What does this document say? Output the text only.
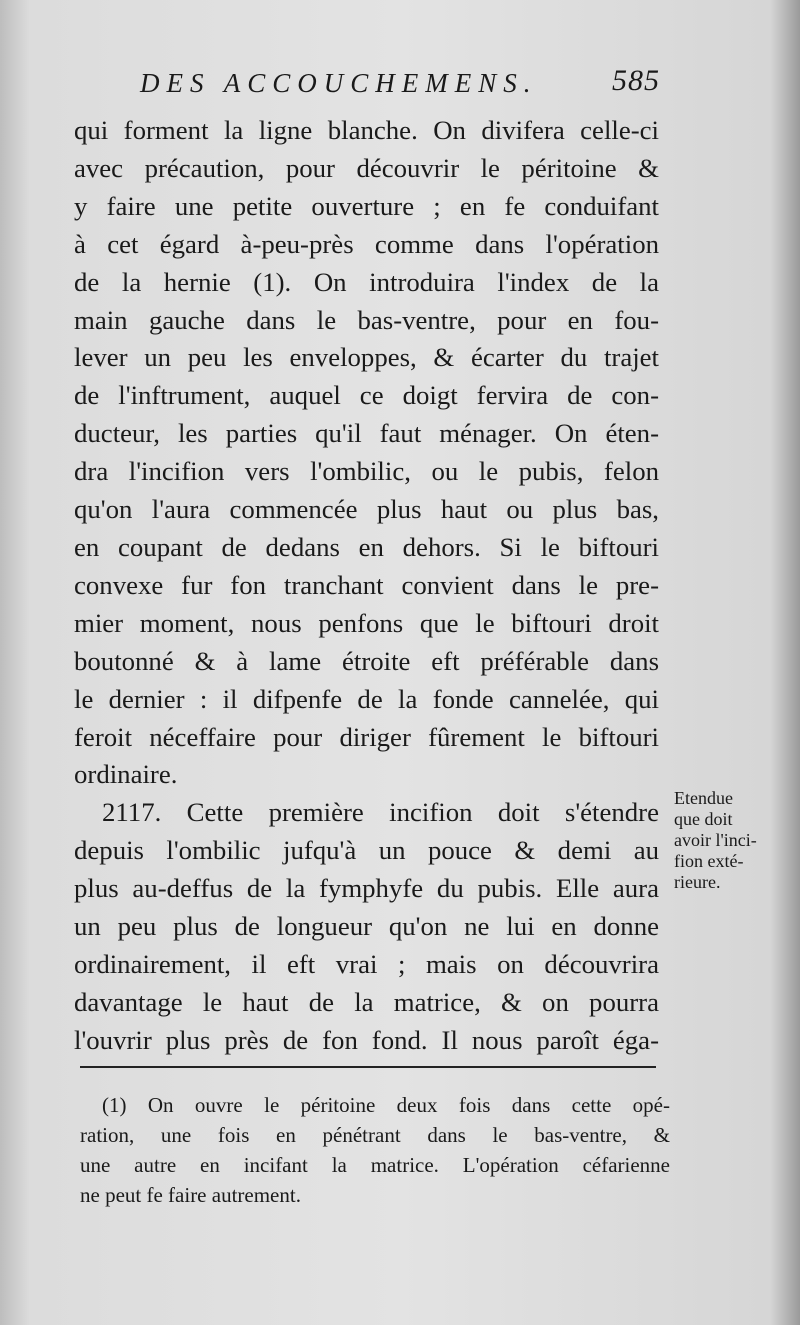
DES ACCOUCHEMENS. 585
qui forment la ligne blanche. On divifera celle-ci
avec précaution, pour découvrir le péritoine &
y faire une petite ouverture ; en fe conduifant
à cet égard à-peu-près comme dans l'opération
de la hernie (1). On introduira l'index de la
main gauche dans le bas-ventre, pour en fou-
lever un peu les enveloppes, & écarter du trajet
de l'inftrument, auquel ce doigt fervira de con-
ducteur, les parties qu'il faut ménager. On éten-
dra l'incifion vers l'ombilic, ou le pubis, felon
qu'on l'aura commencée plus haut ou plus bas,
en coupant de dedans en dehors. Si le biftouri
convexe fur fon tranchant convient dans le pre-
mier moment, nous penfons que le biftouri droit
boutonné & à lame étroite eft préférable dans
le dernier : il difpenfe de la fonde cannelée, qui
feroit néceffaire pour diriger fûrement le biftouri
ordinaire.
2117. Cette première incifion doit s'étendre
depuis l'ombilic jufqu'à un pouce & demi au
plus au-deffus de la fymphyfe du pubis. Elle aura
un peu plus de longueur qu'on ne lui en donne
ordinairement, il eft vrai ; mais on découvrira
davantage le haut de la matrice, & on pourra
l'ouvrir plus près de fon fond. Il nous paroît éga-
Etendue
que doit
avoir l'inci-
fion exté-
rieure.
(1) On ouvre le péritoine deux fois dans cette opé-
ration, une fois en pénétrant dans le bas-ventre, &
une autre en incifant la matrice. L'opération céfarienne
ne peut fe faire autrement.
